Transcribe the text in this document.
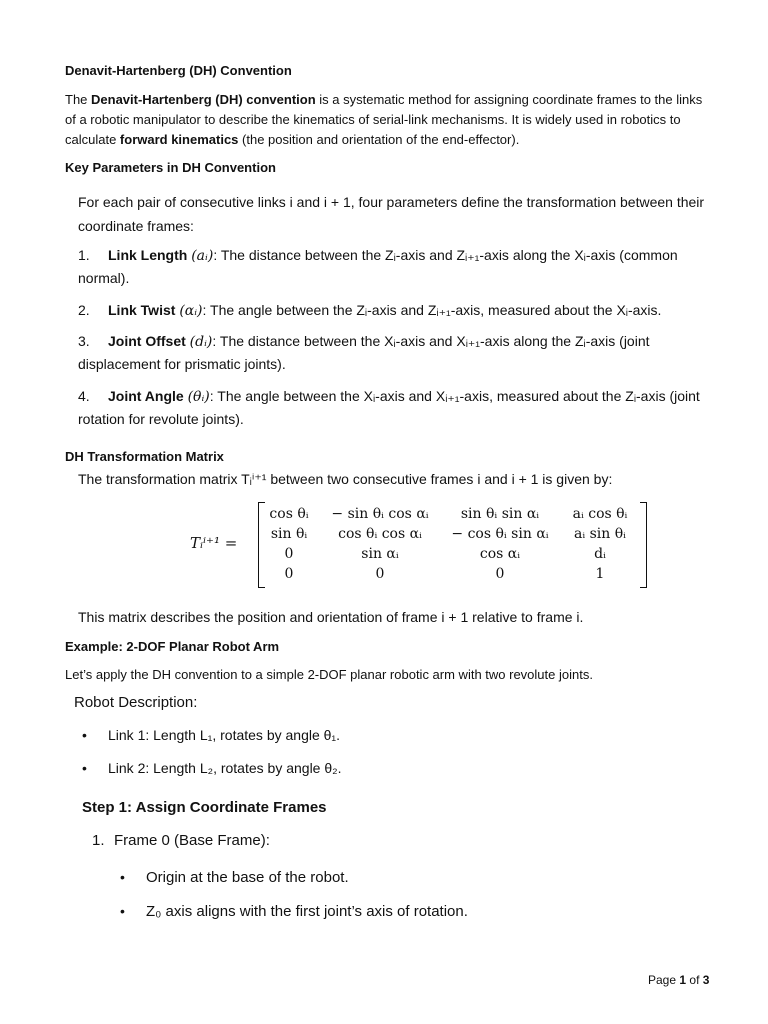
Denavit-Hartenberg (DH) Convention
The Denavit-Hartenberg (DH) convention is a systematic method for assigning coordinate frames to the links of a robotic manipulator to describe the kinematics of serial-link mechanisms. It is widely used in robotics to calculate forward kinematics (the position and orientation of the end-effector).
Key Parameters in DH Convention
For each pair of consecutive links i and i + 1, four parameters define the transformation between their coordinate frames:
1. Link Length (aᵢ): The distance between the Zᵢ-axis and Zᵢ₊₁-axis along the Xᵢ-axis (common normal).
2. Link Twist (αᵢ): The angle between the Zᵢ-axis and Zᵢ₊₁-axis, measured about the Xᵢ-axis.
3. Joint Offset (dᵢ): The distance between the Xᵢ-axis and Xᵢ₊₁-axis along the Zᵢ-axis (joint displacement for prismatic joints).
4. Joint Angle (θᵢ): The angle between the Xᵢ-axis and Xᵢ₊₁-axis, measured about the Zᵢ-axis (joint rotation for revolute joints).
DH Transformation Matrix
The transformation matrix Tᵢⁱ⁺¹ between two consecutive frames i and i + 1 is given by:
Tᵢⁱ⁺¹ =
cos θᵢ	− sin θᵢ cos αᵢ	sin θᵢ sin αᵢ	aᵢ cos θᵢ
sin θᵢ	cos θᵢ cos αᵢ	− cos θᵢ sin αᵢ	aᵢ sin θᵢ
0	sin αᵢ	cos αᵢ	dᵢ
0	0	0	1
This matrix describes the position and orientation of frame i + 1 relative to frame i.
Example: 2-DOF Planar Robot Arm
Let’s apply the DH convention to a simple 2-DOF planar robotic arm with two revolute joints.
Robot Description:
• Link 1: Length L₁, rotates by angle θ₁.
• Link 2: Length L₂, rotates by angle θ₂.
Step 1: Assign Coordinate Frames
1. Frame 0 (Base Frame):
• Origin at the base of the robot.
• Z₀ axis aligns with the first joint’s axis of rotation.
Page 1 of 3
